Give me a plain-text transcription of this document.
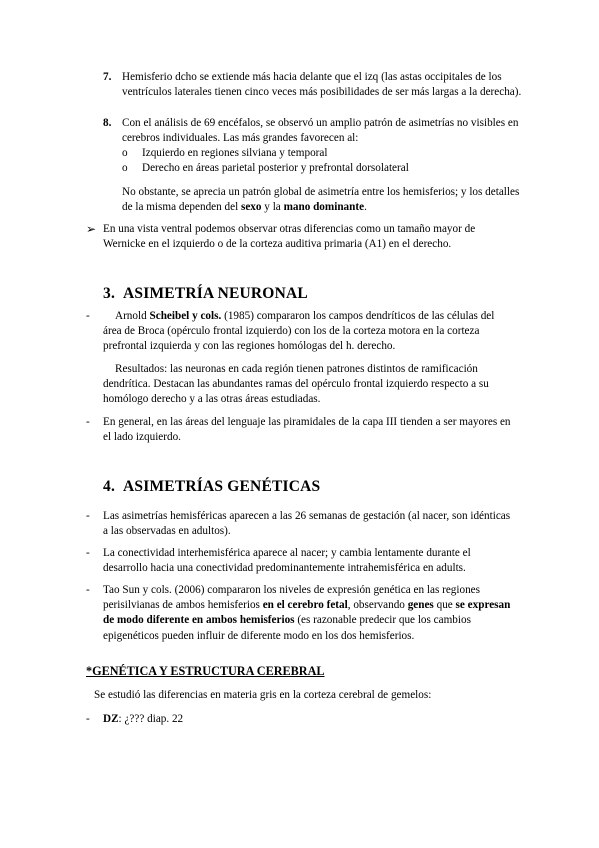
7. Hemisferio dcho se extiende más hacia delante que el izq (las astas occipitales de los ventrículos laterales tienen cinco veces más posibilidades de ser más largas a la derecha).
8. Con el análisis de 69 encéfalos, se observó un amplio patrón de asimetrías no visibles en cerebros individuales. Las más grandes favorecen al:
o Izquierdo en regiones silviana y temporal
o Derecho en áreas parietal posterior y prefrontal dorsolateral
No obstante, se aprecia un patrón global de asimetría entre los hemisferios; y los detalles de la misma dependen del sexo y la mano dominante.
➢ En una vista ventral podemos observar otras diferencias como un tamaño mayor de Wernicke en el izquierdo o de la corteza auditiva primaria (A1) en el derecho.
3. ASIMETRÍA NEURONAL
-	Arnold Scheibel y cols. (1985) compararon los campos dendríticos de las células del área de Broca (opérculo frontal izquierdo) con los de la corteza motora en la corteza prefrontal izquierda y con las regiones homólogas del h. derecho.
Resultados: las neuronas en cada región tienen patrones distintos de ramificación dendrítica. Destacan las abundantes ramas del opérculo frontal izquierdo respecto a su homólogo derecho y a las otras áreas estudiadas.
- En general, en las áreas del lenguaje las piramidales de la capa III tienden a ser mayores en el lado izquierdo.
4. ASIMETRÍAS GENÉTICAS
- Las asimetrías hemisféricas aparecen a las 26 semanas de gestación (al nacer, son idénticas a las observadas en adultos).
- La conectividad interhemisférica aparece al nacer; y cambia lentamente durante el desarrollo hacia una conectividad predominantemente intrahemisférica en adults.
- Tao Sun y cols. (2006) compararon los niveles de expresión genética en las regiones perisilvianas de ambos hemisferios en el cerebro fetal, observando genes que se expresan de modo diferente en ambos hemisferios (es razonable predecir que los cambios epigenéticos pueden influir de diferente modo en los dos hemisferios.
*GENÉTICA Y ESTRUCTURA CEREBRAL
Se estudió las diferencias en materia gris en la corteza cerebral de gemelos:
- DZ: ¿??? diap. 22
